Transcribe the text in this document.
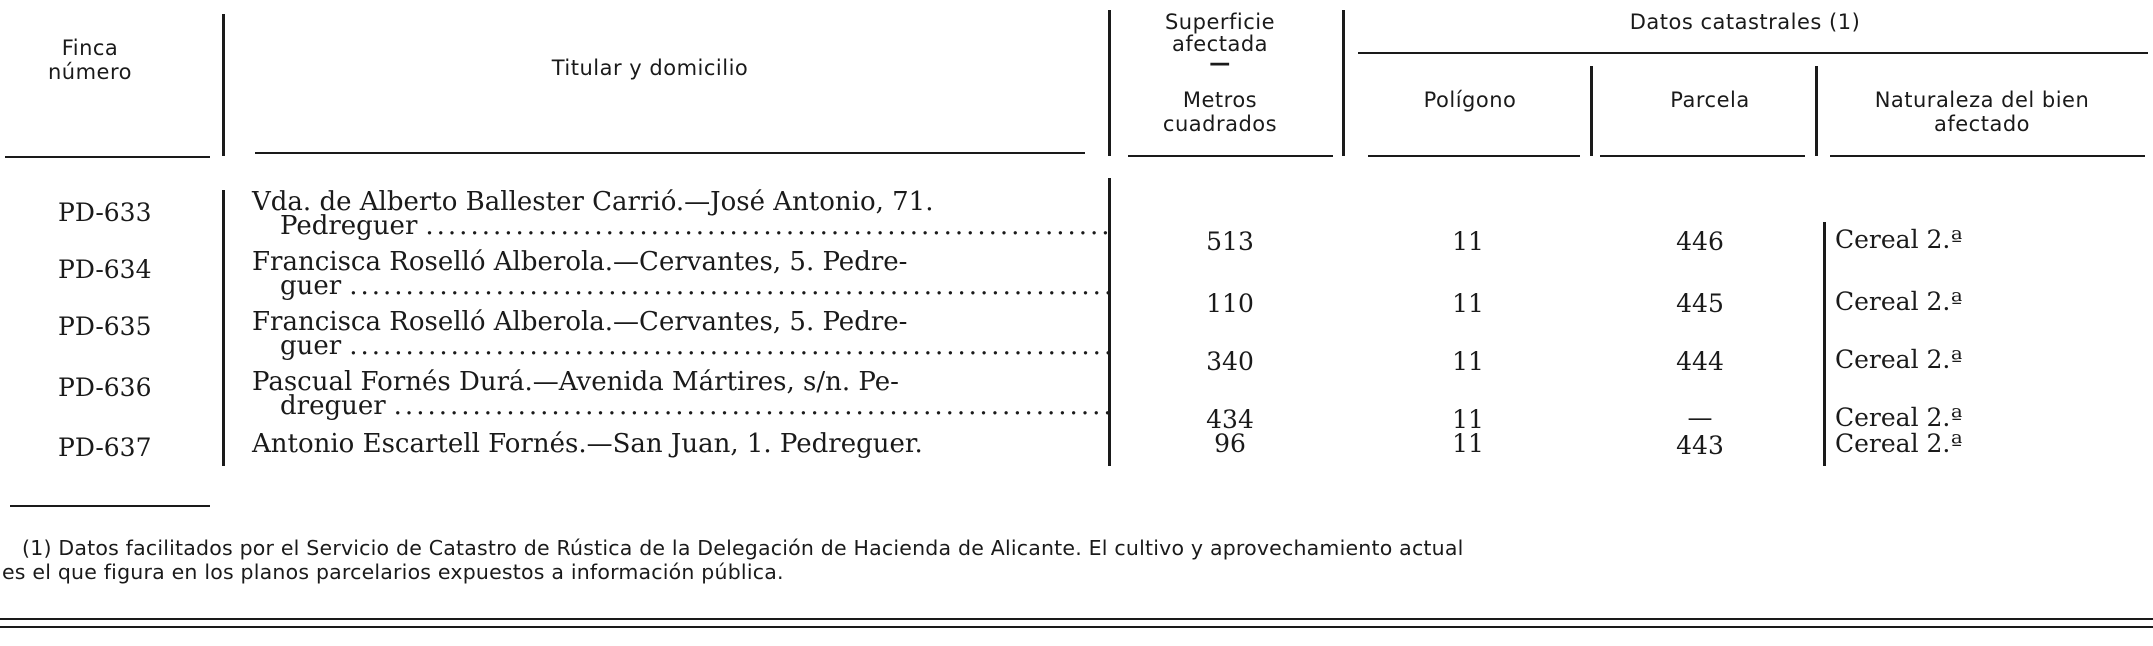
Finca
número	Titular y domicilio
Superficie
afectada
—
Metros
cuadrados
Datos catastrales (1)
Polígono	Parcela	Naturaleza del bien
afectado
PD-633	Vda. de Alberto Ballester Carrió.—José Antonio, 71.
Pedreguer
.....
513	11	446	Cereal 2.ª
PD-634	Francisca Roselló Alberola.—Cervantes, 5. Pedre-
guer
.....
110	11	445	Cereal 2.ª
PD-635	Francisca Roselló Alberola.—Cervantes, 5. Pedre-
guer
.....
340	11	444	Cereal 2.ª
PD-636	Pascual Fornés Durá.—Avenida Mártires, s/n. Pe-
dreguer
.....	434	11	—	Cereal 2.ª
PD-637	Antonio Escartell Fornés.—San Juan, 1. Pedreguer.	96	11	443	Cereal 2.ª
(1) Datos facilitados por el Servicio de Catastro de Rústica de la Delegación de Hacienda de Alicante. El cultivo y aprovechamiento actual
es el que figura en los planos parcelarios expuestos a información pública.
